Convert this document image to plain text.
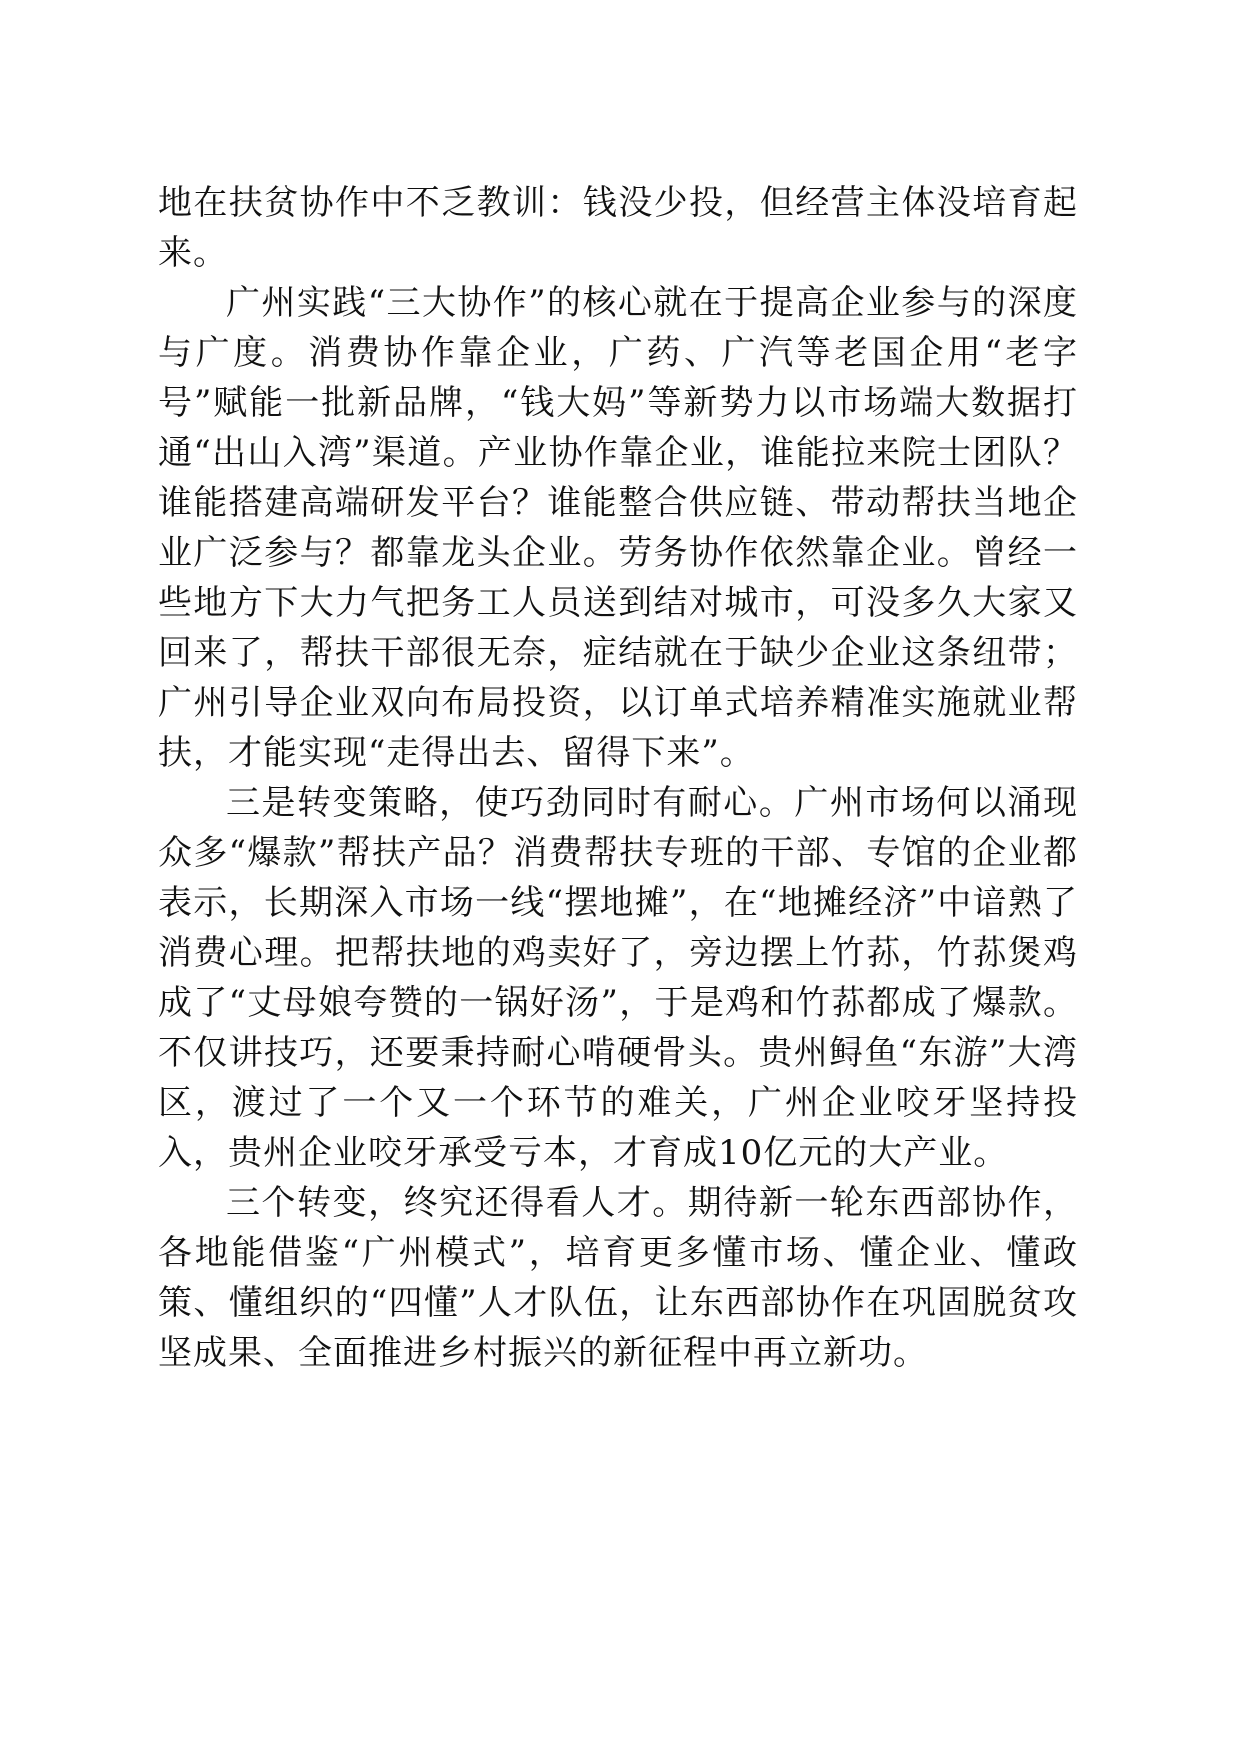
地在扶贫协作中不乏教训：钱没少投，但经营主体没培育起来。

广州实践“三大协作”的核心就在于提高企业参与的深度与广度。消费协作靠企业，广药、广汽等老国企用“老字号”赋能一批新品牌，“钱大妈”等新势力以市场端大数据打通“出山入湾”渠道。产业协作靠企业，谁能拉来院士团队？谁能搭建高端研发平台？谁能整合供应链、带动帮扶当地企业广泛参与？都靠龙头企业。劳务协作依然靠企业。曾经一些地方下大力气把务工人员送到结对城市，可没多久大家又回来了，帮扶干部很无奈，症结就在于缺少企业这条纽带；广州引导企业双向布局投资，以订单式培养精准实施就业帮扶，才能实现“走得出去、留得下来”。

三是转变策略，使巧劲同时有耐心。广州市场何以涌现众多“爆款”帮扶产品？消费帮扶专班的干部、专馆的企业都表示，长期深入市场一线“摆地摊”，在“地摊经济”中谙熟了消费心理。把帮扶地的鸡卖好了，旁边摆上竹荪，竹荪煲鸡成了“丈母娘夸赞的一锅好汤”，于是鸡和竹荪都成了爆款。不仅讲技巧，还要秉持耐心啃硬骨头。贵州鲟鱼“东游”大湾区，渡过了一个又一个环节的难关，广州企业咬牙坚持投入，贵州企业咬牙承受亏本，才育成10亿元的大产业。

三个转变，终究还得看人才。期待新一轮东西部协作，各地能借鉴“广州模式”，培育更多懂市场、懂企业、懂政策、懂组织的“四懂”人才队伍，让东西部协作在巩固脱贫攻坚成果、全面推进乡村振兴的新征程中再立新功。
